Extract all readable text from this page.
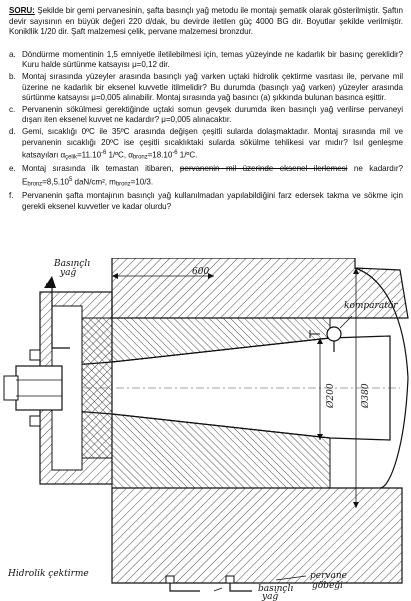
SORU: Şekilde bir gemi pervanesinin, şafta basınçlı yağ metodu ile montajı şematik olarak gösterilmiştir. Şaftın devir sayısının en büyük değeri 220 d/dak, bu devirde iletilen güç 4000 BG dir. Boyutlar şekilde verilmiştir. Konikllik 1/20 dir. Şaft malzemesi çelik, pervane malzemesi bronzdur.

a. Döndürme momentinin 1,5 emniyetle iletilebilmesi için, temas yüzeyinde ne kadarlık bir basınç gereklidir? Kuru halde sürtünme katsayısı μ=0,12 dir.
b. Montaj sırasında yüzeyler arasında basınçlı yağ varken uçtaki hidrolik çektirme vasıtası ile, pervane mil üzerine ne kadarlık bir eksenel kuvvetle itilmelidir? Bu durumda (basınçlı yağ varken) yüzeyler arasında sürtünme katsayısı μ=0,005 alınabilir. Montaj sırasında yağ basıncı (a) şıkkında bulunan basınca eşittir.
c. Pervanenin sökülmesi gerektiğinde uçtaki somun gevşek durumda iken basınçlı yağ verilirse pervaneyi dışarı iten eksenel kuvvet ne kadardır? μ=0,005 alınacaktır.
d. Gemi, sıcaklığı 0ºC ile 35ºC arasında değişen çeşitli sularda dolaşmaktadır. Montaj sırasında mil ve pervanenin sıcaklığı 20ºC ise çeşitli sıcaklıktaki sularda sökülme tehlikesi var mıdır? Isıl genleşme katsayıları $\alpha_{çelik}=11.10^{-6}$ 1/ºC, $\alpha_{bronz}=18.10^{-6}$ 1/ºC.
e. Montaj sırasında ilk temastan itibaren, pervanenin mil üzerinde eksenel ilerlemesi ne kadardır? $E_{bronz}=8,5.10^5$ daN/cm², $m_{bronz}=10/3$.
f. Pervanenin şafta montajının basınçlı yağ kullanılmadan yapılabildiğini farz edersek takma ve sökme için gerekli eksenel kuvvetler ve kadar olurdu?
Basınçlı
yağ
komparatör
600
Ø380
Ø200
Hidrolik çektirme	pervane
göbeği
basınçlı
yağ
